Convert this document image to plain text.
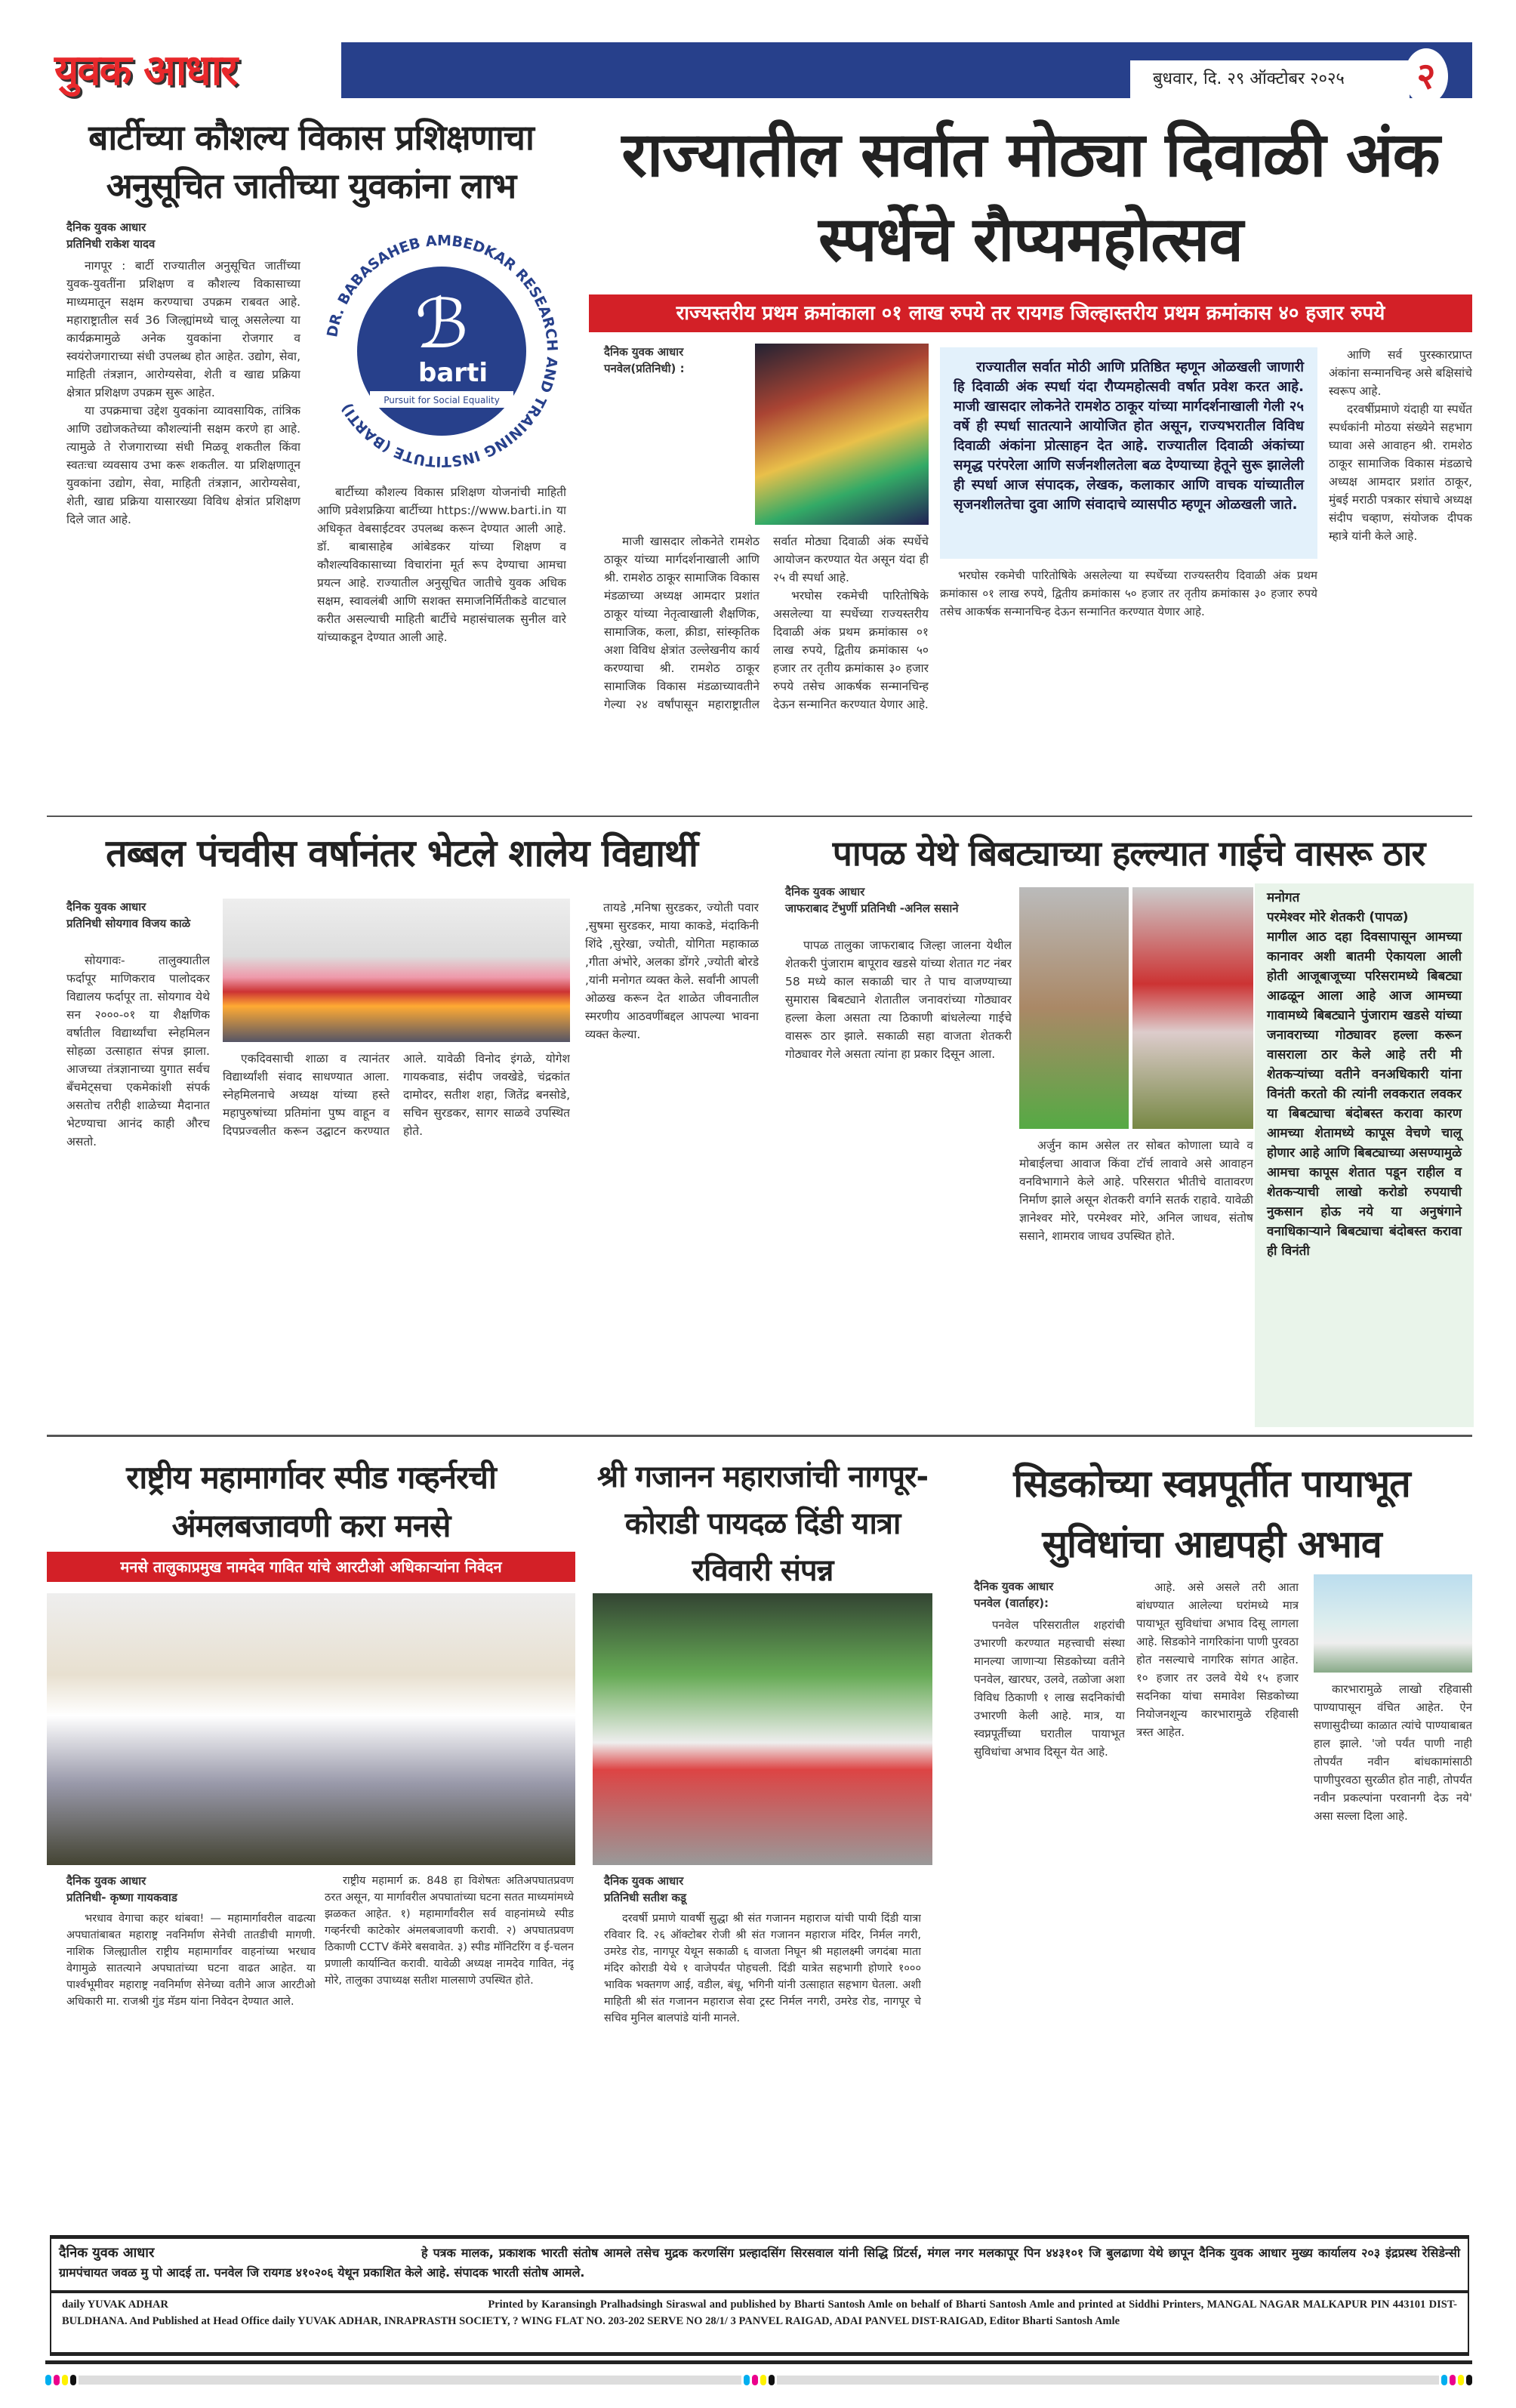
युवक आधार	बुधवार, दि. २९ ऑक्टोबर २०२५	२
बार्टीच्या कौशल्य विकास प्रशिक्षणाचा अनुसूचित जातीच्या युवकांना लाभ
दैनिक युवक आधार
प्रतिनिधी राकेश यादव

नागपूर : बार्टी राज्यातील अनुसूचित जातींच्या युवक-युवतींना प्रशिक्षण व कौशल्य विकासाच्या माध्यमातून सक्षम करण्याचा उपक्रम राबवत आहे. महाराष्ट्रातील सर्व 36 जिल्ह्यांमध्ये चालू असलेल्या या कार्यक्रमामुळे अनेक युवकांना रोजगार व स्वयंरोजगाराच्या संधी उपलब्ध होत आहेत. उद्योग, सेवा, माहिती तंत्रज्ञान, आरोग्यसेवा, शेती व खाद्य प्रक्रिया क्षेत्रात प्रशिक्षण उपक्रम सुरू आहेत.

या उपक्रमाचा उद्देश युवकांना व्यावसायिक, तांत्रिक आणि उद्योजकतेच्या कौशल्यांनी सक्षम करणे हा आहे. त्यामुळे ते रोजगाराच्या संधी मिळवू शकतील किंवा स्वतःचा व्यवसाय उभा करू शकतील. या प्रशिक्षणातून युवकांना उद्योग, सेवा, माहिती तंत्रज्ञान, आरोग्यसेवा, शेती, खाद्य प्रक्रिया यासारख्या विविध क्षेत्रांत प्रशिक्षण दिले जात आहे.

DR. BABASAHEB AMBEDKAR RESEARCH AND TRAINING INSTITUTE (BARTI)
ℬ
barti
Pursuit for Social Equality

बार्टीच्या कौशल्य विकास प्रशिक्षण योजनांची माहिती आणि प्रवेशप्रक्रिया बार्टीच्या https://www.barti.in या अधिकृत वेबसाईटवर उपलब्ध करून देण्यात आली आहे. डॉ. बाबासाहेब आंबेडकर यांच्या शिक्षण व कौशल्यविकासाच्या विचारांना मूर्त रूप देण्याचा आमचा प्रयत्न आहे. राज्यातील अनुसूचित जातीचे युवक अधिक सक्षम, स्वावलंबी आणि सशक्त समाजनिर्मितीकडे वाटचाल करीत असल्याची माहिती बार्टीचे महासंचालक सुनील वारे यांच्याकडून देण्यात आली आहे.

राज्यातील सर्वात मोठ्या दिवाळी अंक स्पर्धेचे रौप्यमहोत्सव
राज्यस्तरीय प्रथम क्रमांकाला ०१ लाख रुपये तर रायगड जिल्हास्तरीय प्रथम क्रमांकास ४० हजार रुपये
दैनिक युवक आधार
पनवेल(प्रतिनिधी) :

माजी खासदार लोकनेते रामशेठ ठाकूर यांच्या मार्गदर्शनाखाली आणि श्री. रामशेठ ठाकूर सामाजिक विकास मंडळाच्या अध्यक्ष आमदार प्रशांत ठाकूर यांच्या नेतृत्वाखाली शैक्षणिक, सामाजिक, कला, क्रीडा, सांस्कृतिक अशा विविध क्षेत्रांत उल्लेखनीय कार्य करण्याचा श्री. रामशेठ ठाकूर सामाजिक विकास मंडळाच्यावतीने गेल्या २४ वर्षांपासून महाराष्ट्रातील सर्वात मोठ्या दिवाळी अंक स्पर्धेचे आयोजन करण्यात येत असून यंदा ही २५ वी स्पर्धा आहे.

भरघोस रकमेची पारितोषिके असलेल्या या स्पर्धेच्या राज्यस्तरीय दिवाळी अंक प्रथम क्रमांकास ०१ लाख रुपये, द्वितीय क्रमांकास ५० हजार तर तृतीय क्रमांकास ३० हजार रुपये तसेच आकर्षक सन्मानचिन्ह देऊन सन्मानित करण्यात येणार आहे.

राज्यातील सर्वात मोठी आणि प्रतिष्ठित म्हणून ओळखली जाणारी हि दिवाळी अंक स्पर्धा यंदा रौप्यमहोत्सवी वर्षात प्रवेश करत आहे. माजी खासदार लोकनेते रामशेठ ठाकूर यांच्या मार्गदर्शनाखाली गेली २५ वर्षे ही स्पर्धा सातत्याने आयोजित होत असून, राज्यभरातील विविध दिवाळी अंकांना प्रोत्साहन देत आहे. राज्यातील दिवाळी अंकांच्या समृद्ध परंपरेला आणि सर्जनशीलतेला बळ देण्याच्या हेतूने सुरू झालेली ही स्पर्धा आज संपादक, लेखक, कलाकार आणि वाचक यांच्यातील सृजनशीलतेचा दुवा आणि संवादाचे व्यासपीठ म्हणून ओळखली जाते.

भरघोस रकमेची पारितोषिके असलेल्या या स्पर्धेच्या राज्यस्तरीय दिवाळी अंक प्रथम क्रमांकास ०१ लाख रुपये, द्वितीय क्रमांकास ५० हजार तर तृतीय क्रमांकास ३० हजार रुपये तसेच आकर्षक सन्मानचिन्ह देऊन सन्मानित करण्यात येणार आहे.

आणि सर्व पुरस्कारप्राप्त अंकांना सन्मानचिन्ह असे बक्षिसांचे स्वरूप आहे.

दरवर्षीप्रमाणे यंदाही या स्पर्धेत स्पर्धकांनी मोठया संख्येने सहभाग घ्यावा असे आवाहन श्री. रामशेठ ठाकूर सामाजिक विकास मंडळाचे अध्यक्ष आमदार प्रशांत ठाकूर, मुंबई मराठी पत्रकार संघाचे अध्यक्ष संदीप चव्हाण, संयोजक दीपक म्हात्रे यांनी केले आहे.

तब्बल पंचवीस वर्षानंतर भेटले शालेय विद्यार्थी
दैनिक युवक आधार
प्रतिनिधी सोयगाव विजय काळे

सोयगावः- तालुक्यातील फर्दापूर माणिकराव पालोदकर विद्यालय फर्दापूर ता. सोयगाव येथे सन २०००-०१ या शैक्षणिक वर्षातील विद्यार्थ्यांचा स्नेहमिलन सोहळा उत्साहात संपन्न झाला. आजच्या तंत्रज्ञानाच्या युगात सर्वच बँचमेट्सचा एकमेकांशी संपर्क असतोच तरीही शाळेच्या मैदानात भेटण्याचा आनंद काही औरच असतो.

एकदिवसाची शाळा व त्यानंतर विद्यार्थ्यांशी संवाद साधण्यात आला. स्नेहमिलनाचे अध्यक्ष यांच्या हस्ते महापुरुषांच्या प्रतिमांना पुष्प वाहून व दिपप्रज्वलीत करून उद्घाटन करण्यात आले. यावेळी विनोद इंगळे, योगेश गायकवाड, संदीप जवखेडे, चंद्रकांत दामोदर, सतीश शहा, जितेंद्र बनसोडे, सचिन सुरडकर, सागर साळवे उपस्थित होते.

तायडे ,मनिषा सुरडकर, ज्योती पवार ,सुषमा सुरडकर, माया काकडे, मंदाकिनी शिंदे ,सुरेखा, ज्योती, योगिता महाकाळ ,गीता अंभोरे, अलका डोंगरे ,ज्योती बोरडे ,यांनी मनोगत व्यक्त केले. सर्वांनी आपली ओळख करून देत शाळेत जीवनातील स्मरणीय आठवणींबद्दल आपल्या भावना व्यक्त केल्या.

पापळ येथे बिबट्याच्या हल्ल्यात गाईचे वासरू ठार
दैनिक युवक आधार
जाफराबाद टेंभुर्णी प्रतिनिधी -अनिल ससाने

पापळ तालुका जाफराबाद जिल्हा जालना येथील शेतकरी पुंजाराम बापूराव खडसे यांच्या शेतात गट नंबर 58 मध्ये काल सकाळी चार ते पाच वाजण्याच्या सुमारास बिबट्याने शेतातील जनावरांच्या गोठ्यावर हल्ला केला असता त्या ठिकाणी बांधलेल्या गाईचे वासरू ठार झाले. सकाळी सहा वाजता शेतकरी गोठ्यावर गेले असता त्यांना हा प्रकार दिसून आला.

अर्जुन काम असेल तर सोबत कोणाला घ्यावे व मोबाईलचा आवाज किंवा टॉर्च लावावे असे आवाहन वनविभागाने केले आहे. परिसरात भीतीचे वातावरण निर्माण झाले असून शेतकरी वर्गाने सतर्क राहावे. यावेळी ज्ञानेश्वर मोरे, परमेश्वर मोरे, अनिल जाधव, संतोष ससाने, शामराव जाधव उपस्थित होते.

मनोगत
परमेश्वर मोरे शेतकरी (पापळ)
मागील आठ दहा दिवसापासून आमच्या कानावर अशी बातमी ऐकायला आली होती आजूबाजूच्या परिसरामध्ये बिबट्या आढळून आला आहे आज आमच्या गावामध्ये बिबट्याने पुंजाराम खडसे यांच्या जनावराच्या गोठ्यावर हल्ला करून वासराला ठार केले आहे तरी मी शेतकऱ्यांच्या वतीने वनअधिकारी यांना विनंती करतो की त्यांनी लवकरात लवकर या बिबट्याचा बंदोबस्त करावा कारण आमच्या शेतामध्ये कापूस वेचणे चालू होणार आहे आणि बिबट्याच्या असण्यामुळे आमचा कापूस शेतात पडून राहील व शेतकऱ्याची लाखो करोडो रुपयाची नुकसान होऊ नये या अनुषंगाने वनाधिकाऱ्याने बिबट्याचा बंदोबस्त करावा ही विनंती
राष्ट्रीय महामार्गावर स्पीड गव्हर्नरची अंमलबजावणी करा मनसे
मनसे तालुकाप्रमुख नामदेव गावित यांचे आरटीओ अधिकाऱ्यांना निवेदन
दैनिक युवक आधार
प्रतिनिधी- कृष्णा गायकवाड

भरधाव वेगाचा कहर थांबवा! — महामार्गावरील वाढत्या अपघातांबाबत महाराष्ट्र नवनिर्माण सेनेची तातडीची मागणी. नाशिक जिल्ह्यातील राष्ट्रीय महामार्गांवर वाहनांच्या भरधाव वेगामुळे सातत्याने अपघातांच्या घटना वाढत आहेत. या पार्श्वभूमीवर महाराष्ट्र नवनिर्माण सेनेच्या वतीने आज आरटीओ अधिकारी मा. राजश्री गुंड मॅडम यांना निवेदन देण्यात आले.

राष्ट्रीय महामार्ग क्र. 848 हा विशेषतः अतिअपघातप्रवण ठरत असून, या मार्गावरील अपघातांच्या घटना सतत माध्यमांमध्ये झळकत आहेत. १) महामार्गांवरील सर्व वाहनांमध्ये स्पीड गव्हर्नरची काटेकोर अंमलबजावणी करावी. २) अपघातप्रवण ठिकाणी CCTV कॅमेरे बसवावेत. ३) स्पीड मॉनिटरिंग व ई-चलन प्रणाली कार्यान्वित करावी. यावेळी अध्यक्ष नामदेव गावित, नंदू मोरे, तालुका उपाध्यक्ष सतीश मालसाणे उपस्थित होते.

श्री गजानन महाराजांची नागपूर-कोराडी पायदळ दिंडी यात्रा रविवारी संपन्न
दैनिक युवक आधार
प्रतिनिधी सतीश कडू

दरवर्षी प्रमाणे यावर्षी सुद्धा श्री संत गजानन महाराज यांची पायी दिंडी यात्रा रविवार दि. २६ ऑक्टोबर रोजी श्री संत गजानन महाराज मंदिर, निर्मल नगरी, उमरेड रोड, नागपूर येथून सकाळी ६ वाजता निघून श्री महालक्ष्मी जगदंबा माता मंदिर कोराडी येथे १ वाजेपर्यंत पोहचली. दिंडी यात्रेत सहभागी होणारे १००० भाविक भक्तगण आई, वडील, बंधू, भगिनी यांनी उत्साहात सहभाग घेतला. अशी माहिती श्री संत गजानन महाराज सेवा ट्रस्ट निर्मल नगरी, उमरेड रोड, नागपूर चे सचिव मुनिल बालपांडे यांनी मानले.

सिडकोच्या स्वप्नपूर्तीत पायाभूत सुविधांचा आद्यपही अभाव
दैनिक युवक आधार
पनवेल (वार्ताहर):

पनवेल परिसरातील शहरांची उभारणी करण्यात महत्त्वाची संस्था मानल्या जाणाऱ्या सिडकोच्या वतीने पनवेल, खारघर, उलवे, तळोजा अशा विविध ठिकाणी १ लाख सदनिकांची उभारणी केली आहे. मात्र, या स्वप्नपूर्तीच्या घरातील पायाभूत सुविधांचा अभाव दिसून येत आहे.

आहे. असे असले तरी आता बांधण्यात आलेल्या घरांमध्ये मात्र पायाभूत सुविधांचा अभाव दिसू लागला आहे. सिडकोने नागरिकांना पाणी पुरवठा होत नसल्याचे नागरिक सांगत आहेत. १० हजार तर उलवे येथे १५ हजार सदनिका यांचा समावेश सिडकोच्या नियोजनशून्य कारभारामुळे रहिवासी त्रस्त आहेत.

कारभारामुळे लाखो रहिवासी पाण्यापासून वंचित आहेत. ऐन सणासुदीच्या काळात त्यांचे पाण्याबाबत हाल झाले. 'जो पर्यंत पाणी नाही तोपर्यंत नवीन बांधकामांसाठी पाणीपुरवठा सुरळीत होत नाही, तोपर्यंत नवीन प्रकल्पांना परवानगी देऊ नये' असा सल्ला दिला आहे.

दैनिक युवक आधार	हे पत्रक मालक, प्रकाशक भारती संतोष आमले तसेच मुद्रक करणसिंग प्रल्हादसिंग सिरसवाल यांनी सिद्धि प्रिंटर्स, मंगल नगर मलकापूर पिन ४४३१०१ जि बुलढाणा येथे छापून दैनिक युवक आधार मुख्य कार्यालय २०३ इंद्रप्रस्थ रेसिडेन्सी ग्रामपंचायत जवळ मु पो आदई ता. पनवेल जि रायगड ४१०२०६ येथून प्रकाशित केले आहे. संपादक भारती संतोष आमले.
daily YUVAK ADHAR	Printed by Karansingh Pralhadsingh Siraswal and published by Bharti Santosh Amle on behalf of Bharti Santosh Amle and printed at Siddhi Printers, MANGAL NAGAR MALKAPUR PIN 443101 DIST- BULDHANA. And Published at Head Office daily YUVAK ADHAR, INRAPRASTH SOCIETY, ? WING FLAT NO. 203-202 SERVE NO 28/1/ 3 PANVEL RAIGAD, ADAI PANVEL DIST-RAIGAD, Editor Bharti Santosh Amle
